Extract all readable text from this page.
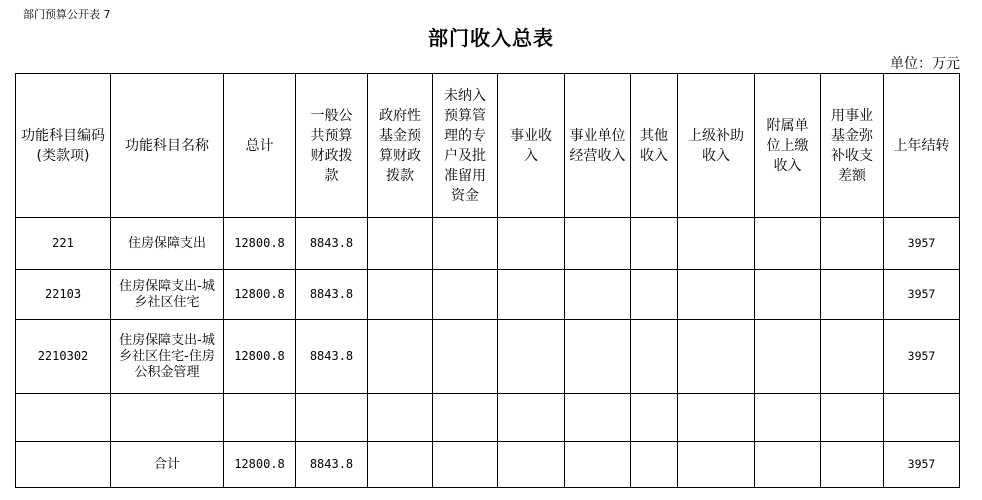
部门预算公开表 7
部门收入总表
单位：万元
功能科目编码(类款项)	功能科目名称	总计	一般公共预算财政拨款	政府性基金预算财政拨款	未纳入预算管理的专户及批准留用资金	事业收入	事业单位经营收入	其他收入	上级补助收入	附属单位上缴收入	用事业基金弥补收支差额	上年结转
221	住房保障支出	12800.8	8843.8									3957
22103	住房保障支出-城乡社区住宅	12800.8	8843.8									3957
2210302	住房保障支出-城乡社区住宅-住房公积金管理	12800.8	8843.8									3957

	合计	12800.8	8843.8									3957
